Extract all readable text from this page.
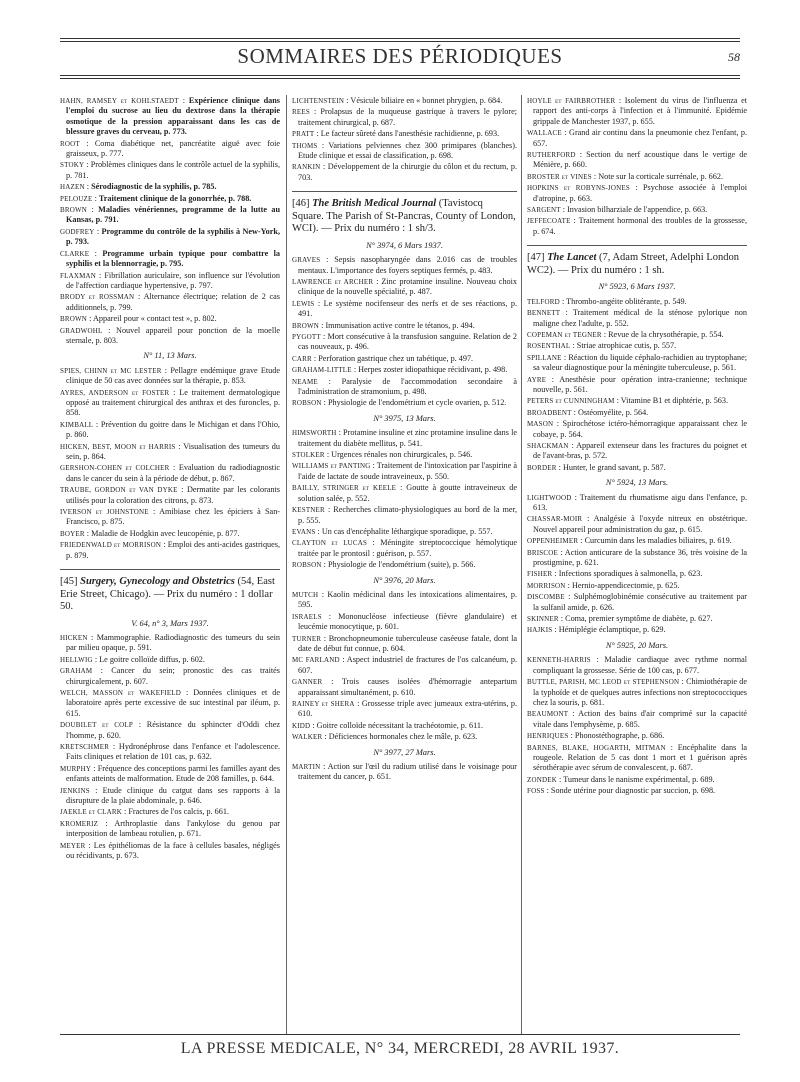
SOMMAIRES DES PÉRIODIQUES	58
HAHN, RAMSEY et KOHLSTAEDT : Expérience clinique dans l'emploi du sucrose au lieu du dextrose dans la thérapie osmotique de la pression apparaissant dans les cas de blessure graves du cerveau, p. 773.
ROOT : Coma diabétique net, pancréatite aiguë avec foie graisseux, p. 777.
STOKY : Problèmes cliniques dans le contrôle actuel de la syphilis, p. 781.
HAZEN : Sérodiagnostic de la syphilis, p. 785.
PELOUZE : Traitement clinique de la gonorrhée, p. 788.
BROWN : Maladies vénériennes, programme de la lutte au Kansas, p. 791.
GODFREY : Programme du contrôle de la syphilis à New-York, p. 793.
CLARKE : Programme urbain typique pour combattre la syphilis et la blennorragie, p. 795.
FLAXMAN : Fibrillation auriculaire, son influence sur l'évolution de l'affection cardiaque hypertensive, p. 797.
BRODY et ROSSMAN : Alternance électrique; relation de 2 cas additionnels, p. 799.
BROWN : Appareil pour « contact test », p. 802.
GRADWOHL : Nouvel appareil pour ponction de la moelle sternale, p. 803.
N° 11, 13 Mars.
SPIES, CHINN et MC LESTER : Pellagre endémique grave Etude clinique de 50 cas avec données sur la thérapie, p. 853.
AYRES, ANDERSON et FOSTER : Le traitement dermatologique opposé au traitement chirurgical des anthrax et des furoncles, p. 858.
KIMBALL : Prévention du goitre dans le Michigan et dans l'Ohio, p. 860.
HICKEN, BEST, MOON et HARRIS : Visualisation des tumeurs du sein, p. 864.
GERSHON-COHEN et COLCHER : Evaluation du radiodiagnostic dans le cancer du sein à la période de début, p. 867.
TRAUBE, GORDON et VAN DYKE : Dermatite par les colorants utilisés pour la coloration des citrons, p. 873.
IVERSON et JOHNSTONE : Amibiase chez les épiciers à San-Francisco, p. 875.
BOYER : Maladie de Hodgkin avec leucopénie, p. 877.
FRIEDENWALD et MORRISON : Emploi des anti-acides gastriques, p. 879.
[45] Surgery, Gynecology and Obstetrics (54, East Erie Street, Chicago). — Prix du numéro : 1 dollar 50.
V. 64, n° 3, Mars 1937.
HICKEN : Mammographie. Radiodiagnostic des tumeurs du sein par milieu opaque, p. 591.
HELLWIG : Le goitre colloïde diffus, p. 602.
GRAHAM : Cancer du sein; pronostic des cas traités chirurgicalement, p. 607.
WELCH, MASSON et WAKEFIELD : Données cliniques et de laboratoire après perte excessive de suc intestinal par iléum, p. 615.
DOUBILET et COLP : Résistance du sphincter d'Oddi chez l'homme, p. 620.
KRETSCHMER : Hydronéphrose dans l'enfance et l'adolescence. Faits cliniques et relation de 101 cas, p. 632.
MURPHY : Fréquence des conceptions parmi les familles ayant des enfants atteints de malformation. Etude de 208 familles, p. 644.
JENKINS : Etude clinique du catgut dans ses rapports à la disrupture de la plaie abdominale, p. 646.
JAEKLE et CLARK : Fractures de l'os calcis, p. 661.
KROMERIZ : Arthroplastie dans l'ankylose du genou par interposition de lambeau rotulien, p. 671.
MEYER : Les épithéliomas de la face à cellules basales, négligés ou récidivants, p. 673.
LICHTENSTEIN : Vésicule biliaire en « bonnet phrygien, p. 684.
REES : Prolapsus de la muqueuse gastrique à travers le pylore; traitement chirurgical, p. 687.
PRATT : Le facteur sûreté dans l'anesthésie rachidienne, p. 693.
THOMS : Variations pelviennes chez 300 primipares (blanches). Etude clinique et essai de classification, p. 698.
RANKIN : Développement de la chirurgie du côlon et du rectum, p. 703.
[46] The British Medical Journal (Tavistocq Square. The Parish of St-Pancras, County of London, WCI). — Prix du numéro : 1 sh/3.
N° 3974, 6 Mars 1937.
GRAVES : Sepsis nasopharyngée dans 2.016 cas de troubles mentaux. L'importance des foyers septiques fermés, p. 483.
LAWRENCE et ARCHER : Zinc protamine insuline. Nouveau choix clinique de la nouvelle spécialité, p. 487.
LEWIS : Le système nocifenseur des nerfs et de ses réactions, p. 491.
BROWN : Immunisation active contre le tétanos, p. 494.
PYGOTT : Mort consécutive à la transfusion sanguine. Relation de 2 cas nouveaux, p. 496.
CARR : Perforation gastrique chez un tabétique, p. 497.
GRAHAM-LITTLE : Herpes zoster idiopathique récidivant, p. 498.
NEAME : Paralysie de l'accommodation secondaire à l'administration de stramonium, p. 498.
ROBSON : Physiologie de l'endométrium et cycle ovarien, p. 512.
N° 3975, 13 Mars.
HIMSWORTH : Protamine insuline et zinc protamine insuline dans le traitement du diabète mellitus, p. 541.
STOLKER : Urgences rénales non chirurgicales, p. 546.
WILLIAMS et PANTING : Traitement de l'intoxication par l'aspirine à l'aide de lactate de soude intraveineux, p. 550.
BAILLY, STRINGER et KEELE : Goutte à goutte intraveineux de solution salée, p. 552.
KESTNER : Recherches climato-physiologiques au bord de la mer, p. 555.
EVANS : Un cas d'encéphalite léthargique sporadique, p. 557.
CLAYTON et LUCAS : Méningite streptococcique hémolytique traitée par le prontosil : guérison, p. 557.
ROBSON : Physiologie de l'endométrium (suite), p. 566.
N° 3976, 20 Mars.
MUTCH : Kaolin médicinal dans les intoxications alimentaires, p. 595.
ISRAELS : Mononucléose infectieuse (fièvre glandulaire) et leucémie monocytique, p. 601.
TURNER : Bronchopneumonie tuberculeuse caséeuse fatale, dont la date de début fut connue, p. 604.
MC FARLAND : Aspect industriel de fractures de l'os calcanéum, p. 607.
GANNER : Trois causes isolées d'hémorragie antepartum apparaissant simultanément, p. 610.
RAINEY et SHERA : Grossesse triple avec jumeaux extra-utérins, p. 610.
KIDD : Goitre colloïde nécessitant la trachéotomie, p. 611.
WALKER : Déficiences hormonales chez le mâle, p. 623.
N° 3977, 27 Mars.
MARTIN : Action sur l'œil du radium utilisé dans le voisinage pour traitement du cancer, p. 651.
HOYLE et FAIRBROTHER : Isolement du virus de l'influenza et rapport des anti-corps à l'infection et à l'immunité. Epidémie grippale de Manchester 1937, p. 655.
WALLACE : Grand air continu dans la pneumonie chez l'enfant, p. 657.
RUTHERFORD : Section du nerf acoustique dans le vertige de Ménière, p. 660.
BROSTER et VINES : Note sur la corticale surrénale, p. 662.
HOPKINS et ROBYNS-JONES : Psychose associée à l'emploi d'atropine, p. 663.
SARGENT : Invasion bilharziale de l'appendice, p. 663.
JEFFECOATE : Traitement hormonal des troubles de la grossesse, p. 674.
[47] The Lancet (7, Adam Street, Adelphi London WC2). — Prix du numéro : 1 sh.
N° 5923, 6 Mars 1937.
TELFORD : Thrombo-angéite oblitérante, p. 549.
BENNETT : Traitement médical de la sténose pylorique non maligne chez l'adulte, p. 552.
COPEMAN et TEGNER : Revue de la chrysothérapie, p. 554.
ROSENTHAL : Striae atrophicae cutis, p. 557.
SPILLANE : Réaction du liquide céphalo-rachidien au tryptophane; sa valeur diagnostique pour la méningite tuberculeuse, p. 561.
AYRE : Anesthésie pour opération intra-cranienne; technique nouvelle, p. 561.
PETERS et CUNNINGHAM : Vitamine B1 et diphtérie, p. 563.
BROADBENT : Ostéomyélite, p. 564.
MASON : Spirochétose ictéro-hémorragique apparaissant chez le cobaye, p. 564.
SHACKMAN : Appareil extenseur dans les fractures du poignet et de l'avant-bras, p. 572.
BORDER : Hunter, le grand savant, p. 587.
N° 5924, 13 Mars.
LIGHTWOOD : Traitement du rhumatisme aigu dans l'enfance, p. 613.
CHASSAR-MOIR : Analgésie à l'oxyde nitreux en obstétrique. Nouvel appareil pour administration du gaz, p. 615.
OPPENHEIMER : Curcumin dans les maladies biliaires, p. 619.
BRISCOE : Action anticurare de la substance 36, très voisine de la prostigmine, p. 621.
FISHER : Infections sporadiques à salmonella, p. 623.
MORRISON : Hernio-appendicectomie, p. 625.
DISCOMBE : Sulphémoglobinémie consécutive au traitement par la sulfanil amide, p. 626.
SKINNER : Coma, premier symptôme de diabète, p. 627.
HAJKIS : Hémiplégie éclamptique, p. 629.
N° 5925, 20 Mars.
KENNETH-HARRIS : Maladie cardiaque avec rythme normal compliquant la grossesse. Série de 100 cas, p. 677.
BUTTLE, PARISH, MC LEOD et STEPHENSON : Chimiothérapie de la typhoïde et de quelques autres infections non streptococciques chez la souris, p. 681.
BEAUMONT : Action des bains d'air comprimé sur la capacité vitale dans l'emphysème, p. 685.
HENRIQUES : Phonostéthographe, p. 686.
BARNES, BLAKE, HOGARTH, MITMAN : Encéphalite dans la rougeole. Relation de 5 cas dont 1 mort et 1 guérison après sérothérapie avec sérum de convalescent, p. 687.
ZONDEK : Tumeur dans le nanisme expérimental, p. 689.
FOSS : Sonde utérine pour diagnostic par succion, p. 698.
LA PRESSE MEDICALE, N° 34, MERCREDI, 28 AVRIL 1937.
